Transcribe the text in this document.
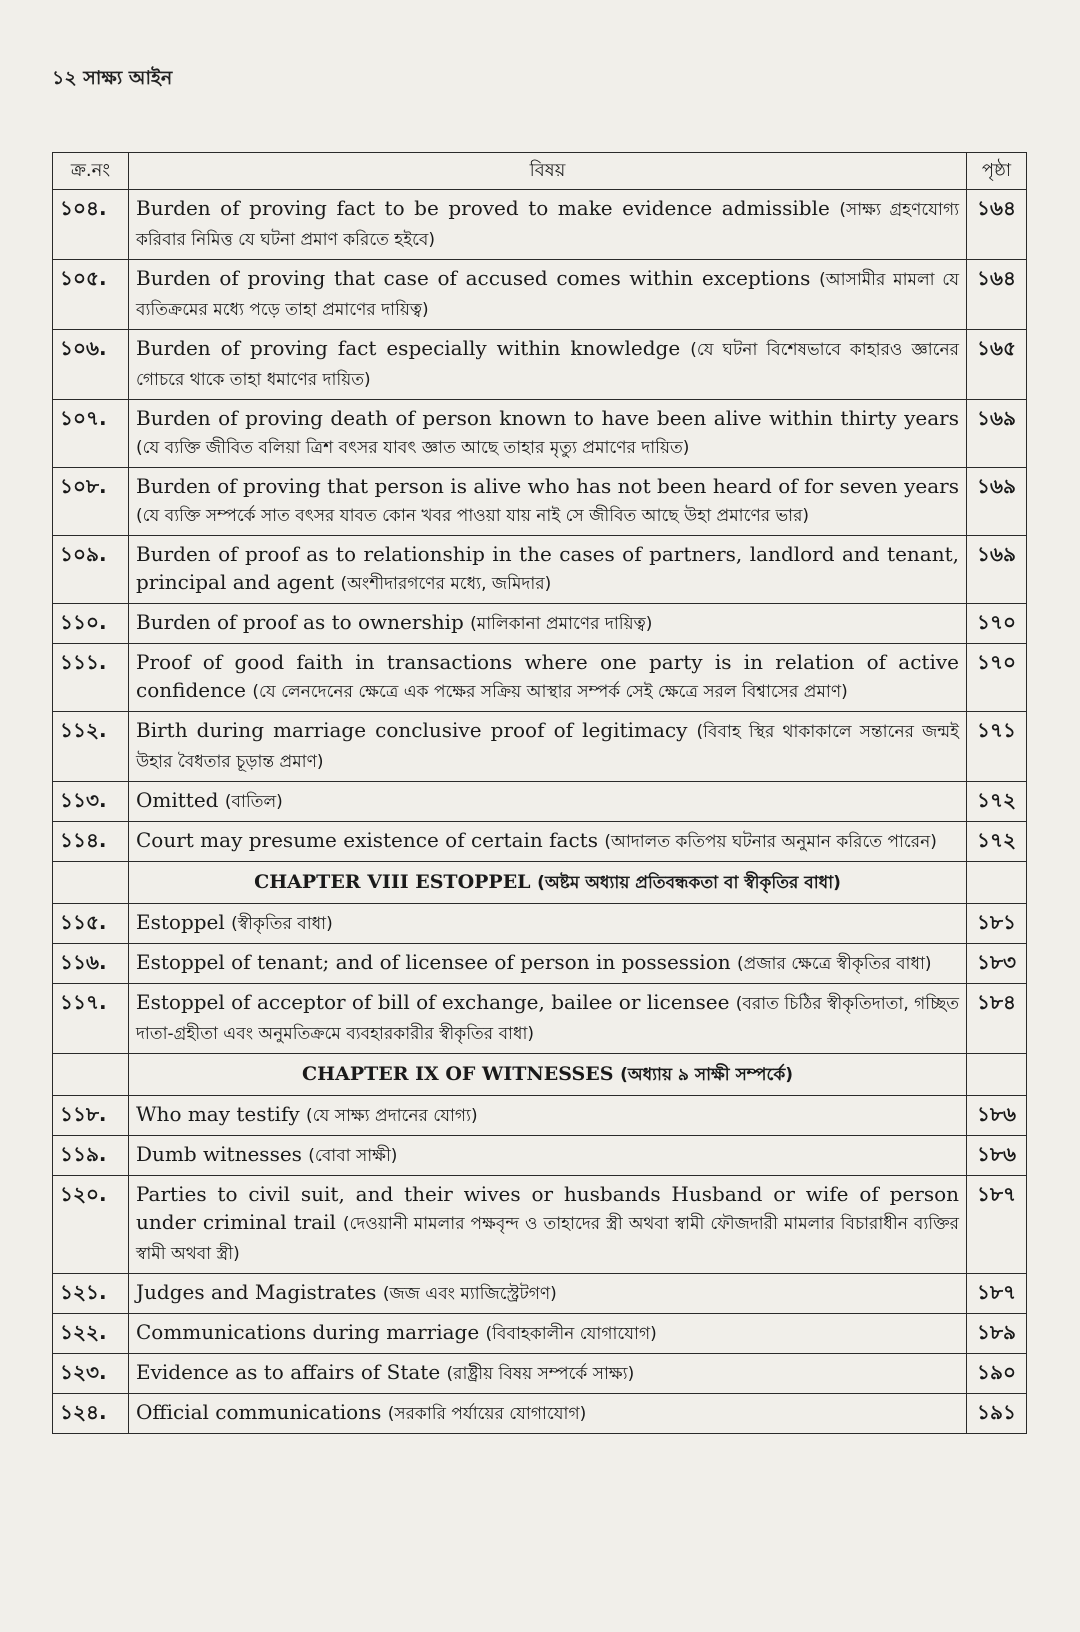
১২ সাক্ষ্য আইন
ক্র.নং	বিষয়	পৃষ্ঠা
১০৪.	Burden of proving fact to be proved to make evidence admissible (সাক্ষ্য গ্রহণযোগ্য করিবার নিমিত্ত যে ঘটনা প্রমাণ করিতে হইবে)	১৬৪
১০৫.	Burden of proving that case of accused comes within exceptions (আসামীর মামলা যে ব্যতিক্রমের মধ্যে পড়ে তাহা প্রমাণের দায়িত্ব)	১৬৪
১০৬.	Burden of proving fact especially within knowledge (যে ঘটনা বিশেষভাবে কাহারও জ্ঞানের গোচরে থাকে তাহা ধমাণের দায়িত)	১৬৫
১০৭.	Burden of proving death of person known to have been alive within thirty years (যে ব্যক্তি জীবিত বলিয়া ত্রিশ বৎসর যাবৎ জ্ঞাত আছে তাহার মৃত্যু প্রমাণের দায়িত)	১৬৯
১০৮.	Burden of proving that person is alive who has not been heard of for seven years (যে ব্যক্তি সম্পর্কে সাত বৎসর যাবত কোন খবর পাওয়া যায় নাই সে জীবিত আছে উহা প্রমাণের ভার)	১৬৯
১০৯.	Burden of proof as to relationship in the cases of partners, landlord and tenant, principal and agent (অংশীদারগণের মধ্যে, জমিদার)	১৬৯
১১০.	Burden of proof as to ownership (মালিকানা প্রমাণের দায়িত্ব)	১৭০
১১১.	Proof of good faith in transactions where one party is in relation of active confidence (যে লেনদেনের ক্ষেত্রে এক পক্ষের সক্রিয় আস্থার সম্পর্ক সেই ক্ষেত্রে সরল বিশ্বাসের প্রমাণ)	১৭০
১১২.	Birth during marriage conclusive proof of legitimacy (বিবাহ স্থির থাকাকালে সন্তানের জন্মই উহার বৈধতার চূড়ান্ত প্রমাণ)	১৭১
১১৩.	Omitted (বাতিল)	১৭২
১১৪.	Court may presume existence of certain facts (আদালত কতিপয় ঘটনার অনুমান করিতে পারেন)	১৭২
	CHAPTER VIII ESTOPPEL (অষ্টম অধ্যায় প্রতিবন্ধকতা বা স্বীকৃতির বাধা)	
১১৫.	Estoppel (স্বীকৃতির বাধা)	১৮১
১১৬.	Estoppel of tenant; and of licensee of person in possession (প্রজার ক্ষেত্রে স্বীকৃতির বাধা)	১৮৩
১১৭.	Estoppel of acceptor of bill of exchange, bailee or licensee (বরাত চিঠির স্বীকৃতিদাতা, গচ্ছিত দাতা-গ্রহীতা এবং অনুমতিক্রমে ব্যবহারকারীর স্বীকৃতির বাধা)	১৮৪
	CHAPTER IX OF WITNESSES (অধ্যায় ৯ সাক্ষী সম্পর্কে)	
১১৮.	Who may testify (যে সাক্ষ্য প্রদানের যোগ্য)	১৮৬
১১৯.	Dumb witnesses (বোবা সাক্ষী)	১৮৬
১২০.	Parties to civil suit, and their wives or husbands Husband or wife of person under criminal trail (দেওয়ানী মামলার পক্ষবৃন্দ ও তাহাদের স্ত্রী অথবা স্বামী ফৌজদারী মামলার বিচারাধীন ব্যক্তির স্বামী অথবা স্ত্রী)	১৮৭
১২১.	Judges and Magistrates (জজ এবং ম্যাজিস্ট্রেটগণ)	১৮৭
১২২.	Communications during marriage (বিবাহকালীন যোগাযোগ)	১৮৯
১২৩.	Evidence as to affairs of State (রাষ্ট্রীয় বিষয় সম্পর্কে সাক্ষ্য)	১৯০
১২৪.	Official communications (সরকারি পর্যায়ের যোগাযোগ)	১৯১
